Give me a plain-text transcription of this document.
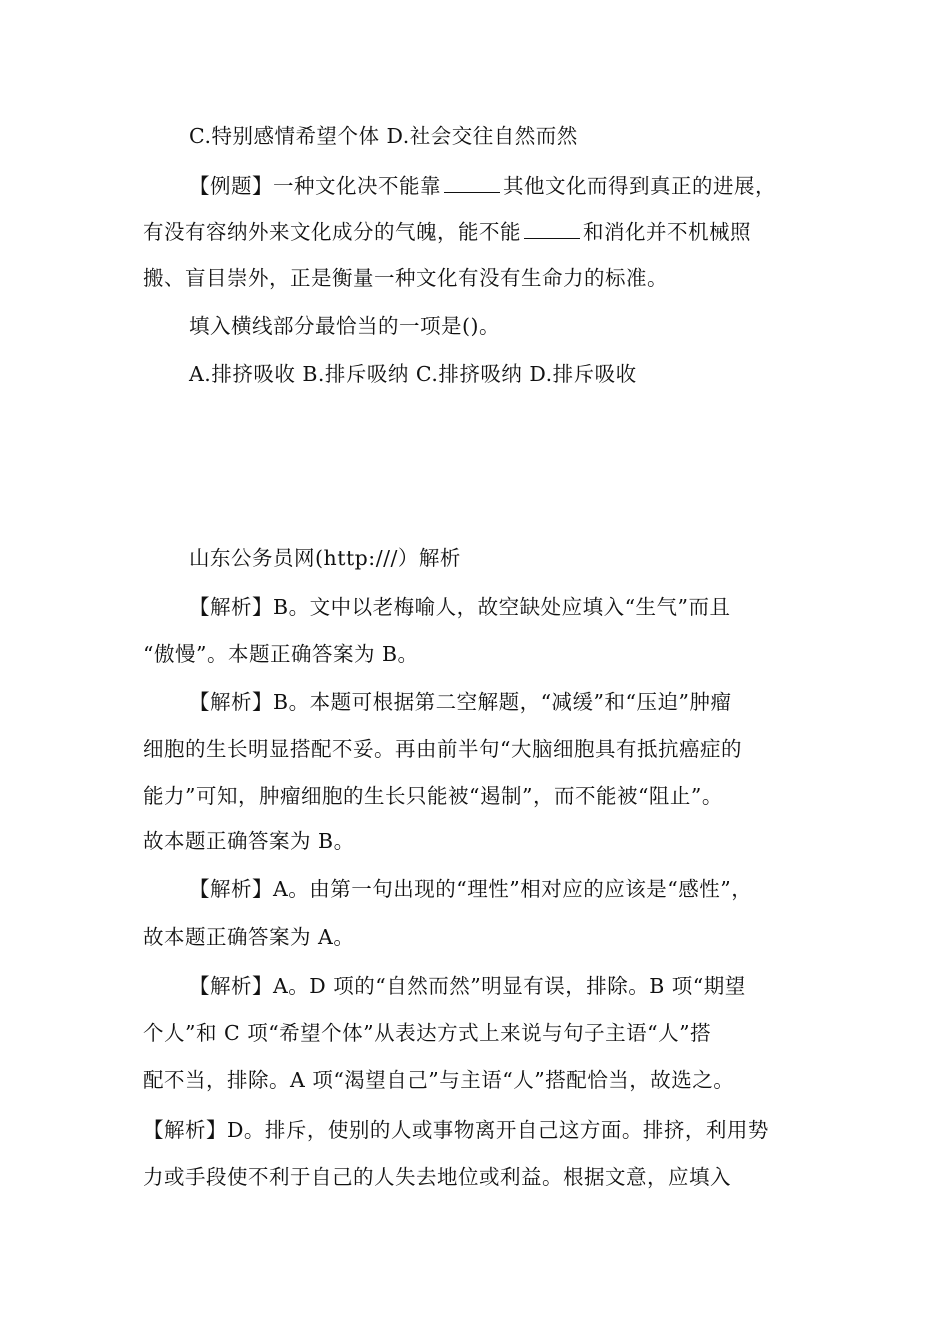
C.特别感情希望个体 D.社会交往自然而然
【例题】一种文化决不能靠	其他文化而得到真正的进展，
有没有容纳外来文化成分的气魄，能不能	和消化并不机械照
搬、盲目崇外，正是衡量一种文化有没有生命力的标准。
填入横线部分最恰当的一项是()。
A.排挤吸收 B.排斥吸纳 C.排挤吸纳 D.排斥吸收
山东公务员网(http:///）解析
【解析】B。文中以老梅喻人，故空缺处应填入“生气”而且
“傲慢”。本题正确答案为 B。
【解析】B。本题可根据第二空解题，“减缓”和“压迫”肿瘤
细胞的生长明显搭配不妥。再由前半句“大脑细胞具有抵抗癌症的
能力”可知，肿瘤细胞的生长只能被“遏制”，而不能被“阻止”。
故本题正确答案为 B。
【解析】A。由第一句出现的“理性”相对应的应该是“感性”，
故本题正确答案为 A。
【解析】A。D 项的“自然而然”明显有误，排除。B 项“期望
个人”和 C 项“希望个体”从表达方式上来说与句子主语“人”搭
配不当，排除。A 项“渴望自己”与主语“人”搭配恰当，故选之。
【解析】D。排斥，使别的人或事物离开自己这方面。排挤，利用势
力或手段使不利于自己的人失去地位或利益。根据文意，应填入
